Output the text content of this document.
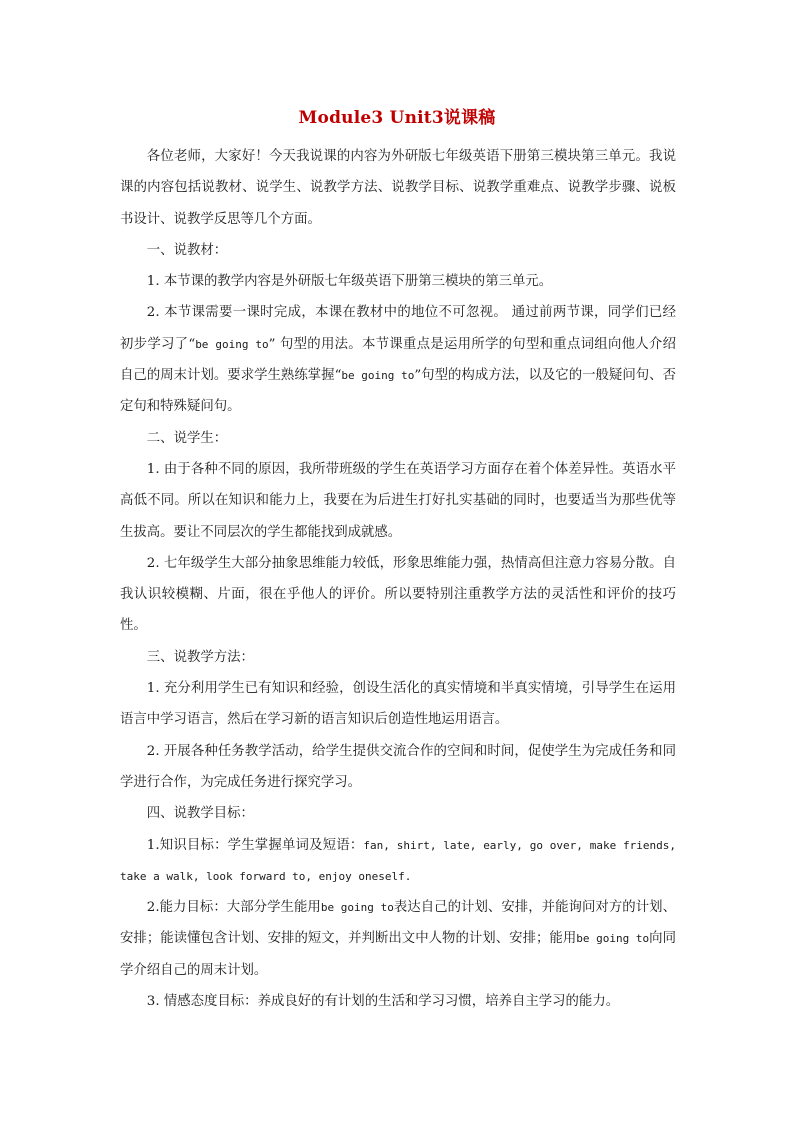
Module3 Unit3说课稿

各位老师，大家好！今天我说课的内容为外研版七年级英语下册第三模块第三单元。我说课的内容包括说教材、说学生、说教学方法、说教学目标、说教学重难点、说教学步骤、说板书设计、说教学反思等几个方面。

一、说教材：

1. 本节课的教学内容是外研版七年级英语下册第三模块的第三单元。

2. 本节课需要一课时完成，本课在教材中的地位不可忽视。 通过前两节课，同学们已经初步学习了“be going to” 句型的用法。本节课重点是运用所学的句型和重点词组向他人介绍自己的周末计划。要求学生熟练掌握“be going to”句型的构成方法，以及它的一般疑问句、否定句和特殊疑问句。

二、说学生：

1. 由于各种不同的原因，我所带班级的学生在英语学习方面存在着个体差异性。英语水平高低不同。所以在知识和能力上，我要在为后进生打好扎实基础的同时，也要适当为那些优等生拔高。要让不同层次的学生都能找到成就感。

2. 七年级学生大部分抽象思维能力较低，形象思维能力强，热情高但注意力容易分散。自我认识较模糊、片面，很在乎他人的评价。所以要特别注重教学方法的灵活性和评价的技巧性。

三、说教学方法：

1. 充分利用学生已有知识和经验，创设生活化的真实情境和半真实情境，引导学生在运用语言中学习语言，然后在学习新的语言知识后创造性地运用语言。

2. 开展各种任务教学活动，给学生提供交流合作的空间和时间，促使学生为完成任务和同学进行合作，为完成任务进行探究学习。

四、说教学目标：

1.知识目标：学生掌握单词及短语：fan, shirt, late, early, go over, make friends, take a walk, look forward to, enjoy oneself.

2.能力目标：大部分学生能用be going to表达自己的计划、安排，并能询问对方的计划、安排；能读懂包含计划、安排的短文，并判断出文中人物的计划、安排；能用be going to向同学介绍自己的周末计划。

3. 情感态度目标：养成良好的有计划的生活和学习习惯，培养自主学习的能力。
